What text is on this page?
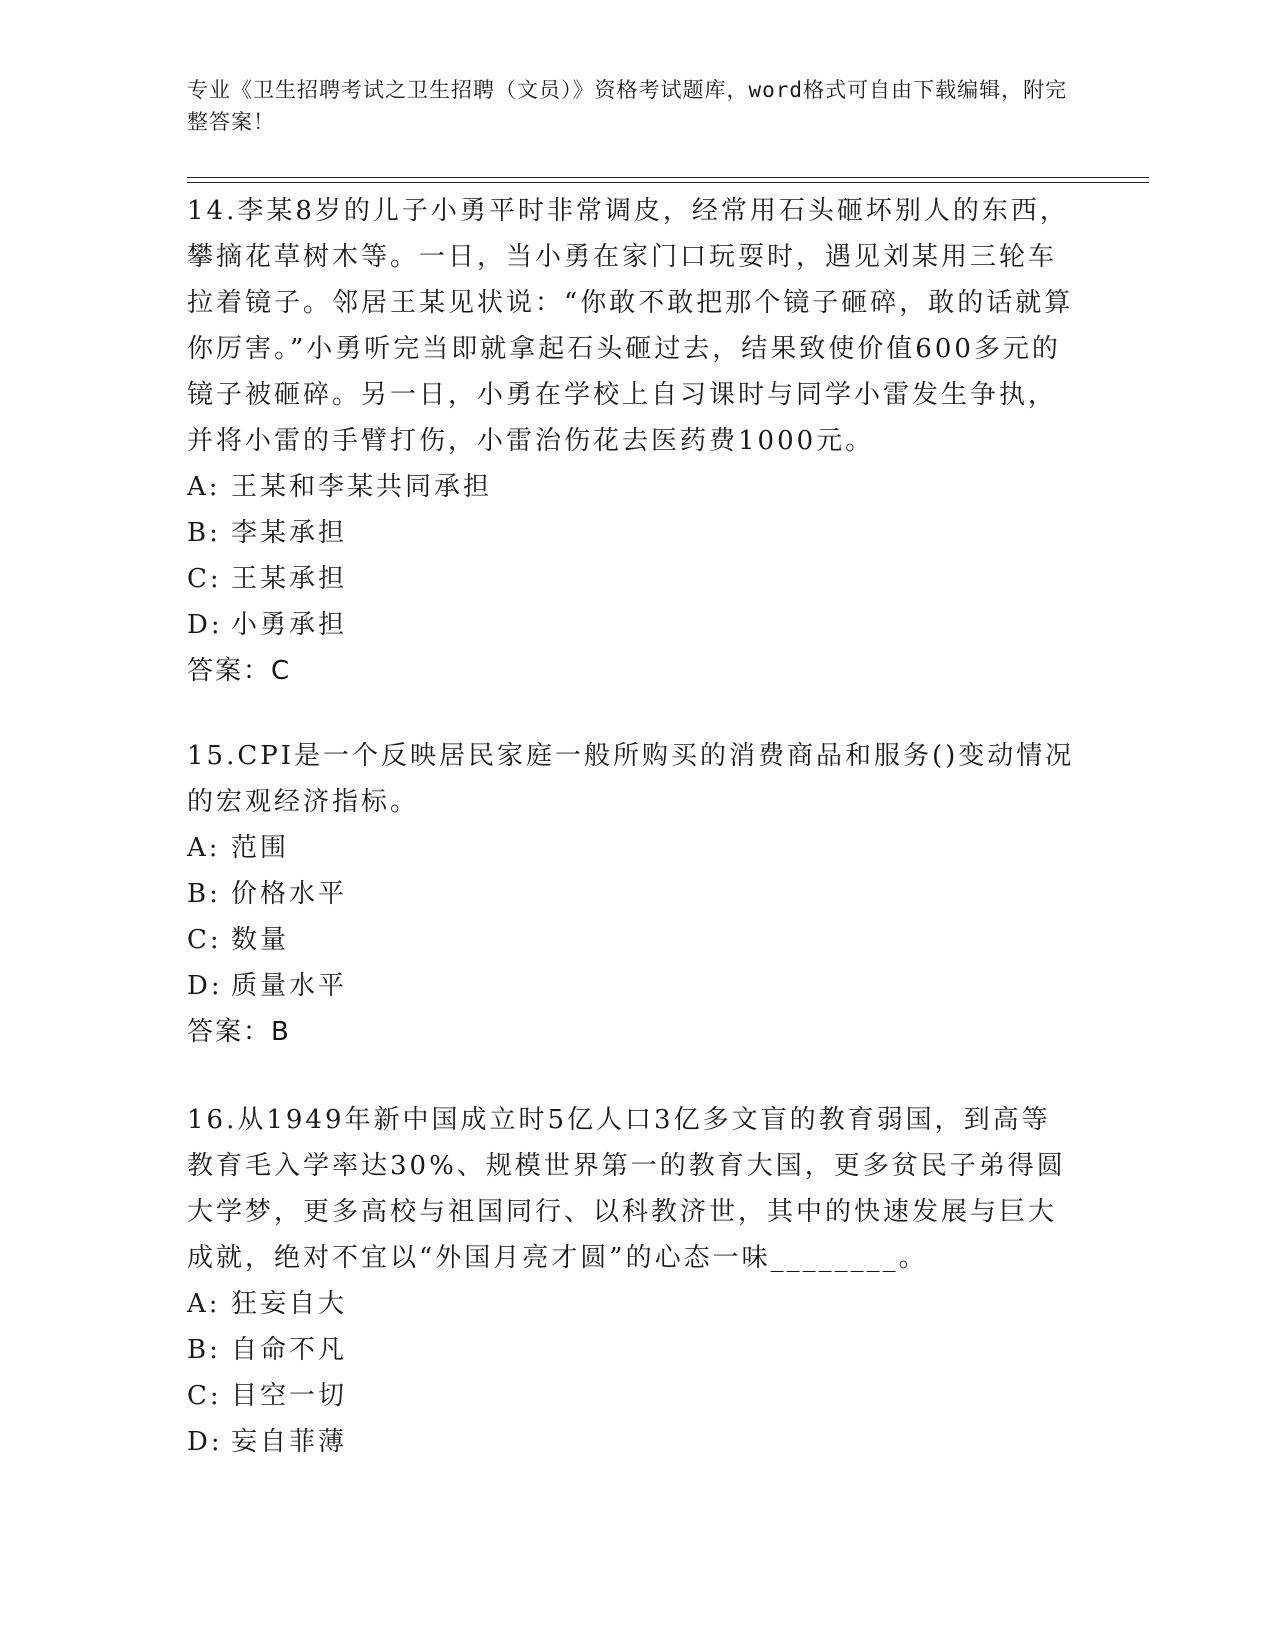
专业《卫生招聘考试之卫生招聘（文员）》资格考试题库，word格式可自由下载编辑，附完整答案！

14.李某8岁的儿子小勇平时非常调皮，经常用石头砸坏别人的东西，攀摘花草树木等。一日，当小勇在家门口玩耍时，遇见刘某用三轮车拉着镜子。邻居王某见状说：“你敢不敢把那个镜子砸碎，敢的话就算你厉害。”小勇听完当即就拿起石头砸过去，结果致使价值600多元的镜子被砸碎。另一日，小勇在学校上自习课时与同学小雷发生争执，并将小雷的手臂打伤，小雷治伤花去医药费1000元。

A: 王某和李某共同承担

B: 李某承担

C: 王某承担

D: 小勇承担

答案：C

15.CPI是一个反映居民家庭一般所购买的消费商品和服务()变动情况的宏观经济指标。

A: 范围

B: 价格水平

C: 数量

D: 质量水平

答案：B

16.从1949年新中国成立时5亿人口3亿多文盲的教育弱国，到高等教育毛入学率达30%、规模世界第一的教育大国，更多贫民子弟得圆大学梦，更多高校与祖国同行、以科教济世，其中的快速发展与巨大成就，绝对不宜以“外国月亮才圆”的心态一味________。

A: 狂妄自大

B: 自命不凡

C: 目空一切

D: 妄自菲薄
